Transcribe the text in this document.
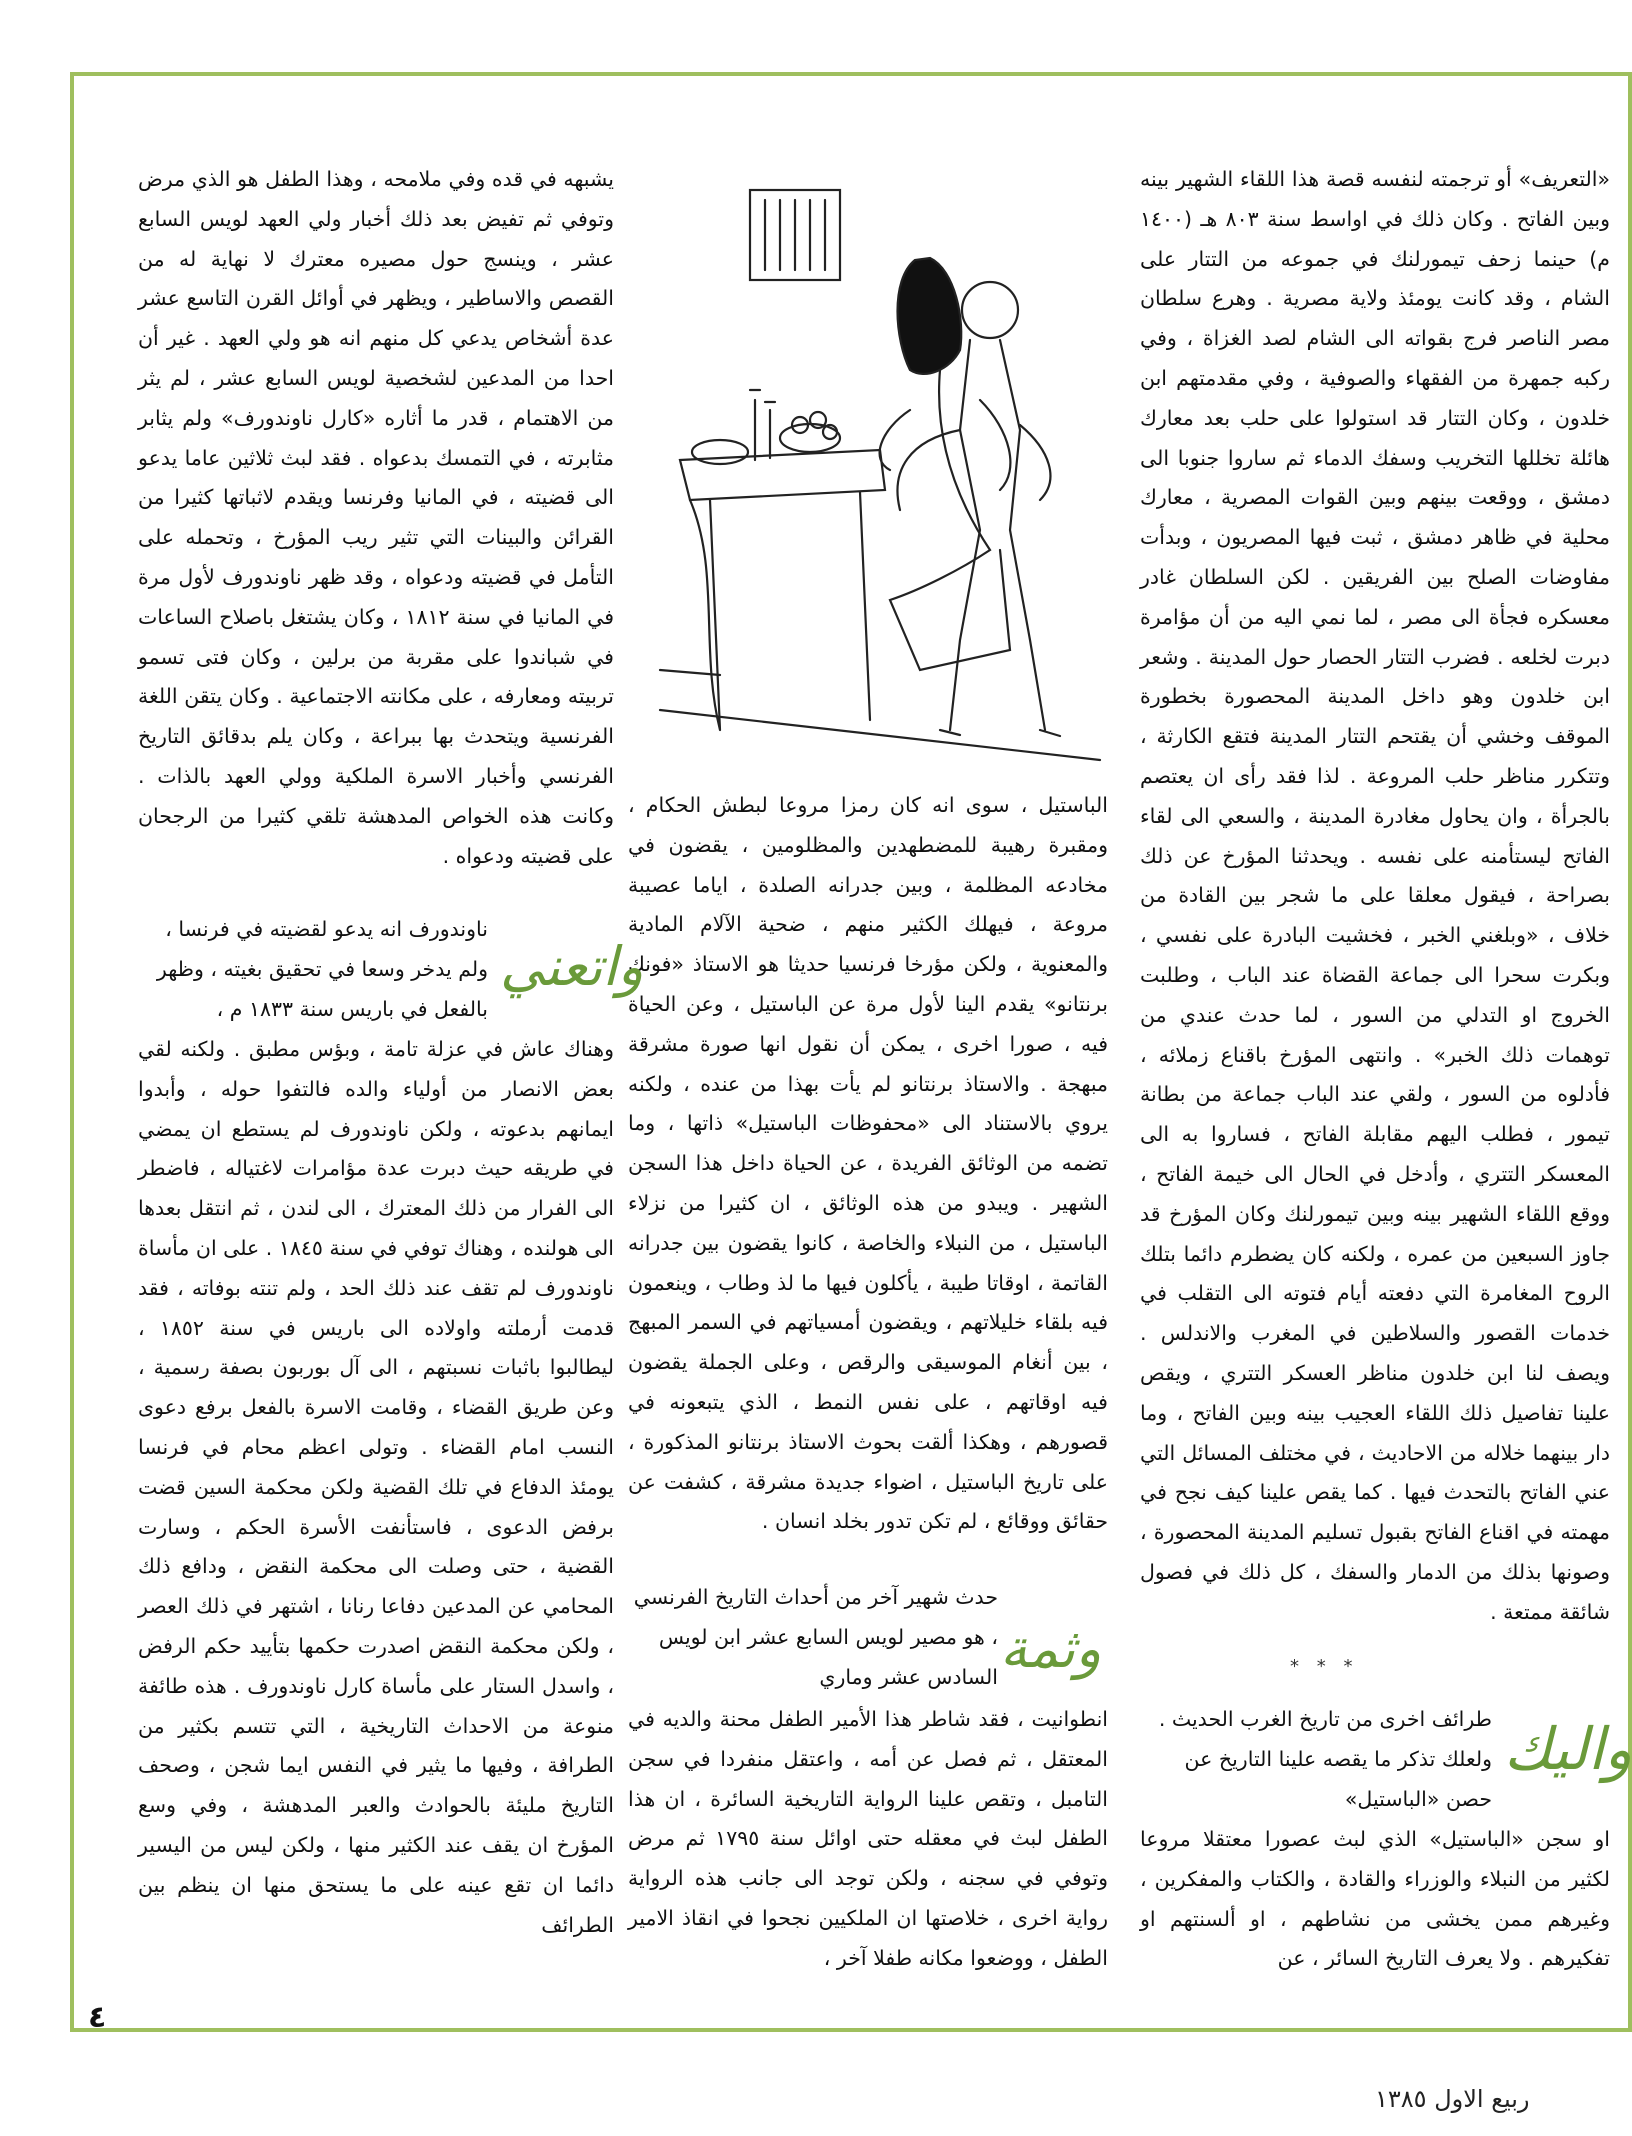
«التعريف» أو ترجمته لنفسه قصة هذا اللقاء الشهير بينه وبين الفاتح . وكان ذلك في اواسط سنة ٨٠٣ هـ (١٤٠٠ م) حينما زحف تيمورلنك في جموعه من التتار على الشام ، وقد كانت يومئذ ولاية مصرية . وهرع سلطان مصر الناصر فرج بقواته الى الشام لصد الغزاة ، وفي ركبه جمهرة من الفقهاء والصوفية ، وفي مقدمتهم ابن خلدون ، وكان التتار قد استولوا على حلب بعد معارك هائلة تخللها التخريب وسفك الدماء ثم ساروا جنوبا الى دمشق ، ووقعت بينهم وبين القوات المصرية ، معارك محلية في ظاهر دمشق ، ثبت فيها المصريون ، وبدأت مفاوضات الصلح بين الفريقين . لكن السلطان غادر معسكره فجأة الى مصر ، لما نمي اليه من أن مؤامرة دبرت لخلعه . فضرب التتار الحصار حول المدينة . وشعر ابن خلدون وهو داخل المدينة المحصورة بخطورة الموقف وخشي أن يقتحم التتار المدينة فتقع الكارثة ، وتتكرر مناظر حلب المروعة . لذا فقد رأى ان يعتصم بالجرأة ، وان يحاول مغادرة المدينة ، والسعي الى لقاء الفاتح ليستأمنه على نفسه . ويحدثنا المؤرخ عن ذلك بصراحة ، فيقول معلقا على ما شجر بين القادة من خلاف ، «وبلغني الخبر ، فخشيت البادرة على نفسي ، وبكرت سحرا الى جماعة القضاة عند الباب ، وطلبت الخروج او التدلي من السور ، لما حدث عندي من توهمات ذلك الخبر» . وانتهى المؤرخ باقناع زملائه ، فأدلوه من السور ، ولقي عند الباب جماعة من بطانة تيمور ، فطلب اليهم مقابلة الفاتح ، فساروا به الى المعسكر التتري ، وأدخل في الحال الى خيمة الفاتح ، ووقع اللقاء الشهير بينه وبين تيمورلنك وكان المؤرخ قد جاوز السبعين من عمره ، ولكنه كان يضطرم دائما بتلك الروح المغامرة التي دفعته أيام فتوته الى التقلب في خدمات القصور والسلاطين في المغرب والاندلس . ويصف لنا ابن خلدون مناظر العسكر التتري ، ويقص علينا تفاصيل ذلك اللقاء العجيب بينه وبين الفاتح ، وما دار بينهما خلاله من الاحاديث ، في مختلف المسائل التي عني الفاتح بالتحدث فيها . كما يقص علينا كيف نجح في مهمته في اقناع الفاتح بقبول تسليم المدينة المحصورة ، وصونها بذلك من الدمار والسفك ، كل ذلك في فصول شائقة ممتعة .
* * *
واليك
طرائف اخرى من تاريخ الغرب الحديث . ولعلك تذكر ما يقصه علينا التاريخ عن حصن «الباستيل»
او سجن «الباستيل» الذي لبث عصورا معتقلا مروعا لكثير من النبلاء والوزراء والقادة ، والكتاب والمفكرين ، وغيرهم ممن يخشى من نشاطهم ، او ألسنتهم او تفكيرهم . ولا يعرف التاريخ السائر ، عن
الباستيل ، سوى انه كان رمزا مروعا لبطش الحكام ، ومقبرة رهيبة للمضطهدين والمظلومين ، يقضون في مخادعه المظلمة ، وبين جدرانه الصلدة ، اياما عصيبة مروعة ، فيهلك الكثير منهم ، ضحية الآلام المادية والمعنوية ، ولكن مؤرخا فرنسيا حديثا هو الاستاذ «فونك برنتانو» يقدم الينا لأول مرة عن الباستيل ، وعن الحياة فيه ، صورا اخرى ، يمكن أن نقول انها صورة مشرقة مبهجة . والاستاذ برنتانو لم يأت بهذا من عنده ، ولكنه يروي بالاستناد الى «محفوظات الباستيل» ذاتها ، وما تضمه من الوثائق الفريدة ، عن الحياة داخل هذا السجن الشهير . ويبدو من هذه الوثائق ، ان كثيرا من نزلاء الباستيل ، من النبلاء والخاصة ، كانوا يقضون بين جدرانه القاتمة ، اوقاتا طيبة ، يأكلون فيها ما لذ وطاب ، وينعمون فيه بلقاء خليلاتهم ، ويقضون أمسياتهم في السمر المبهج ، بين أنغام الموسيقى والرقص ، وعلى الجملة يقضون فيه اوقاتهم ، على نفس النمط ، الذي يتبعونه في قصورهم ، وهكذا ألقت بحوث الاستاذ برنتانو المذكورة ، على تاريخ الباستيل ، اضواء جديدة مشرقة ، كشفت عن حقائق ووقائع ، لم تكن تدور بخلد انسان .
وثمة
حدث شهير آخر من أحداث التاريخ الفرنسي ، هو مصير لويس السابع عشر ابن لويس السادس عشر وماري
انطوانيت ، فقد شاطر هذا الأمير الطفل محنة والديه في المعتقل ، ثم فصل عن أمه ، واعتقل منفردا في سجن التامبل ، وتقص علينا الرواية التاريخية السائرة ، ان هذا الطفل لبث في معقله حتى اوائل سنة ١٧٩٥ ثم مرض وتوفي في سجنه ، ولكن توجد الى جانب هذه الرواية رواية اخرى ، خلاصتها ان الملكيين نجحوا في انقاذ الامير الطفل ، ووضعوا مكانه طفلا آخر ،
يشبهه في قده وفي ملامحه ، وهذا الطفل هو الذي مرض وتوفي ثم تفيض بعد ذلك أخبار ولي العهد لويس السابع عشر ، وينسج حول مصيره معترك لا نهاية له من القصص والاساطير ، ويظهر في أوائل القرن التاسع عشر عدة أشخاص يدعي كل منهم انه هو ولي العهد . غير أن احدا من المدعين لشخصية لويس السابع عشر ، لم يثر من الاهتمام ، قدر ما أثاره «كارل ناوندورف» ولم يثابر مثابرته ، في التمسك بدعواه . فقد لبث ثلاثين عاما يدعو الى قضيته ، في المانيا وفرنسا ويقدم لاثباتها كثيرا من القرائن والبينات التي تثير ريب المؤرخ ، وتحمله على التأمل في قضيته ودعواه ، وقد ظهر ناوندورف لأول مرة في المانيا في سنة ١٨١٢ ، وكان يشتغل باصلاح الساعات في شباندوا على مقربة من برلين ، وكان فتى تسمو تربيته ومعارفه ، على مكانته الاجتماعية . وكان يتقن اللغة الفرنسية ويتحدث بها ببراعة ، وكان يلم بدقائق التاريخ الفرنسي وأخبار الاسرة الملكية وولي العهد بالذات . وكانت هذه الخواص المدهشة تلقي كثيرا من الرجحان على قضيته ودعواه .
واتعني
ناوندورف انه يدعو لقضيته في فرنسا ، ولم يدخر وسعا في تحقيق بغيته ، وظهر بالفعل في باريس سنة ١٨٣٣ م ،
وهناك عاش في عزلة تامة ، وبؤس مطبق . ولكنه لقي بعض الانصار من أولياء والده فالتفوا حوله ، وأبدوا ايمانهم بدعوته ، ولكن ناوندورف لم يستطع ان يمضي في طريقه حيث دبرت عدة مؤامرات لاغتياله ، فاضطر الى الفرار من ذلك المعترك ، الى لندن ، ثم انتقل بعدها الى هولنده ، وهناك توفي في سنة ١٨٤٥ . على ان مأساة ناوندورف لم تقف عند ذلك الحد ، ولم تنته بوفاته ، فقد قدمت أرملته واولاده الى باريس في سنة ١٨٥٢ ، ليطالبوا باثبات نسبتهم ، الى آل بوربون بصفة رسمية ، وعن طريق القضاء ، وقامت الاسرة بالفعل برفع دعوى النسب امام القضاء . وتولى اعظم محام في فرنسا يومئذ الدفاع في تلك القضية ولكن محكمة السين قضت برفض الدعوى ، فاستأنفت الأسرة الحكم ، وسارت القضية ، حتى وصلت الى محكمة النقض ، ودافع ذلك المحامي عن المدعين دفاعا رنانا ، اشتهر في ذلك العصر ، ولكن محكمة النقض اصدرت حكمها بتأييد حكم الرفض ، واسدل الستار على مأساة كارل ناوندورف . هذه طائفة منوعة من الاحداث التاريخية ، التي تتسم بكثير من الطرافة ، وفيها ما يثير في النفس ايما شجن ، وصحف التاريخ مليئة بالحوادث والعبر المدهشة ، وفي وسع المؤرخ ان يقف عند الكثير منها ، ولكن ليس من اليسير دائما ان تقع عينه على ما يستحق منها ان ينظم بين الطرائف
٤
ربيع الاول ١٣٨٥
